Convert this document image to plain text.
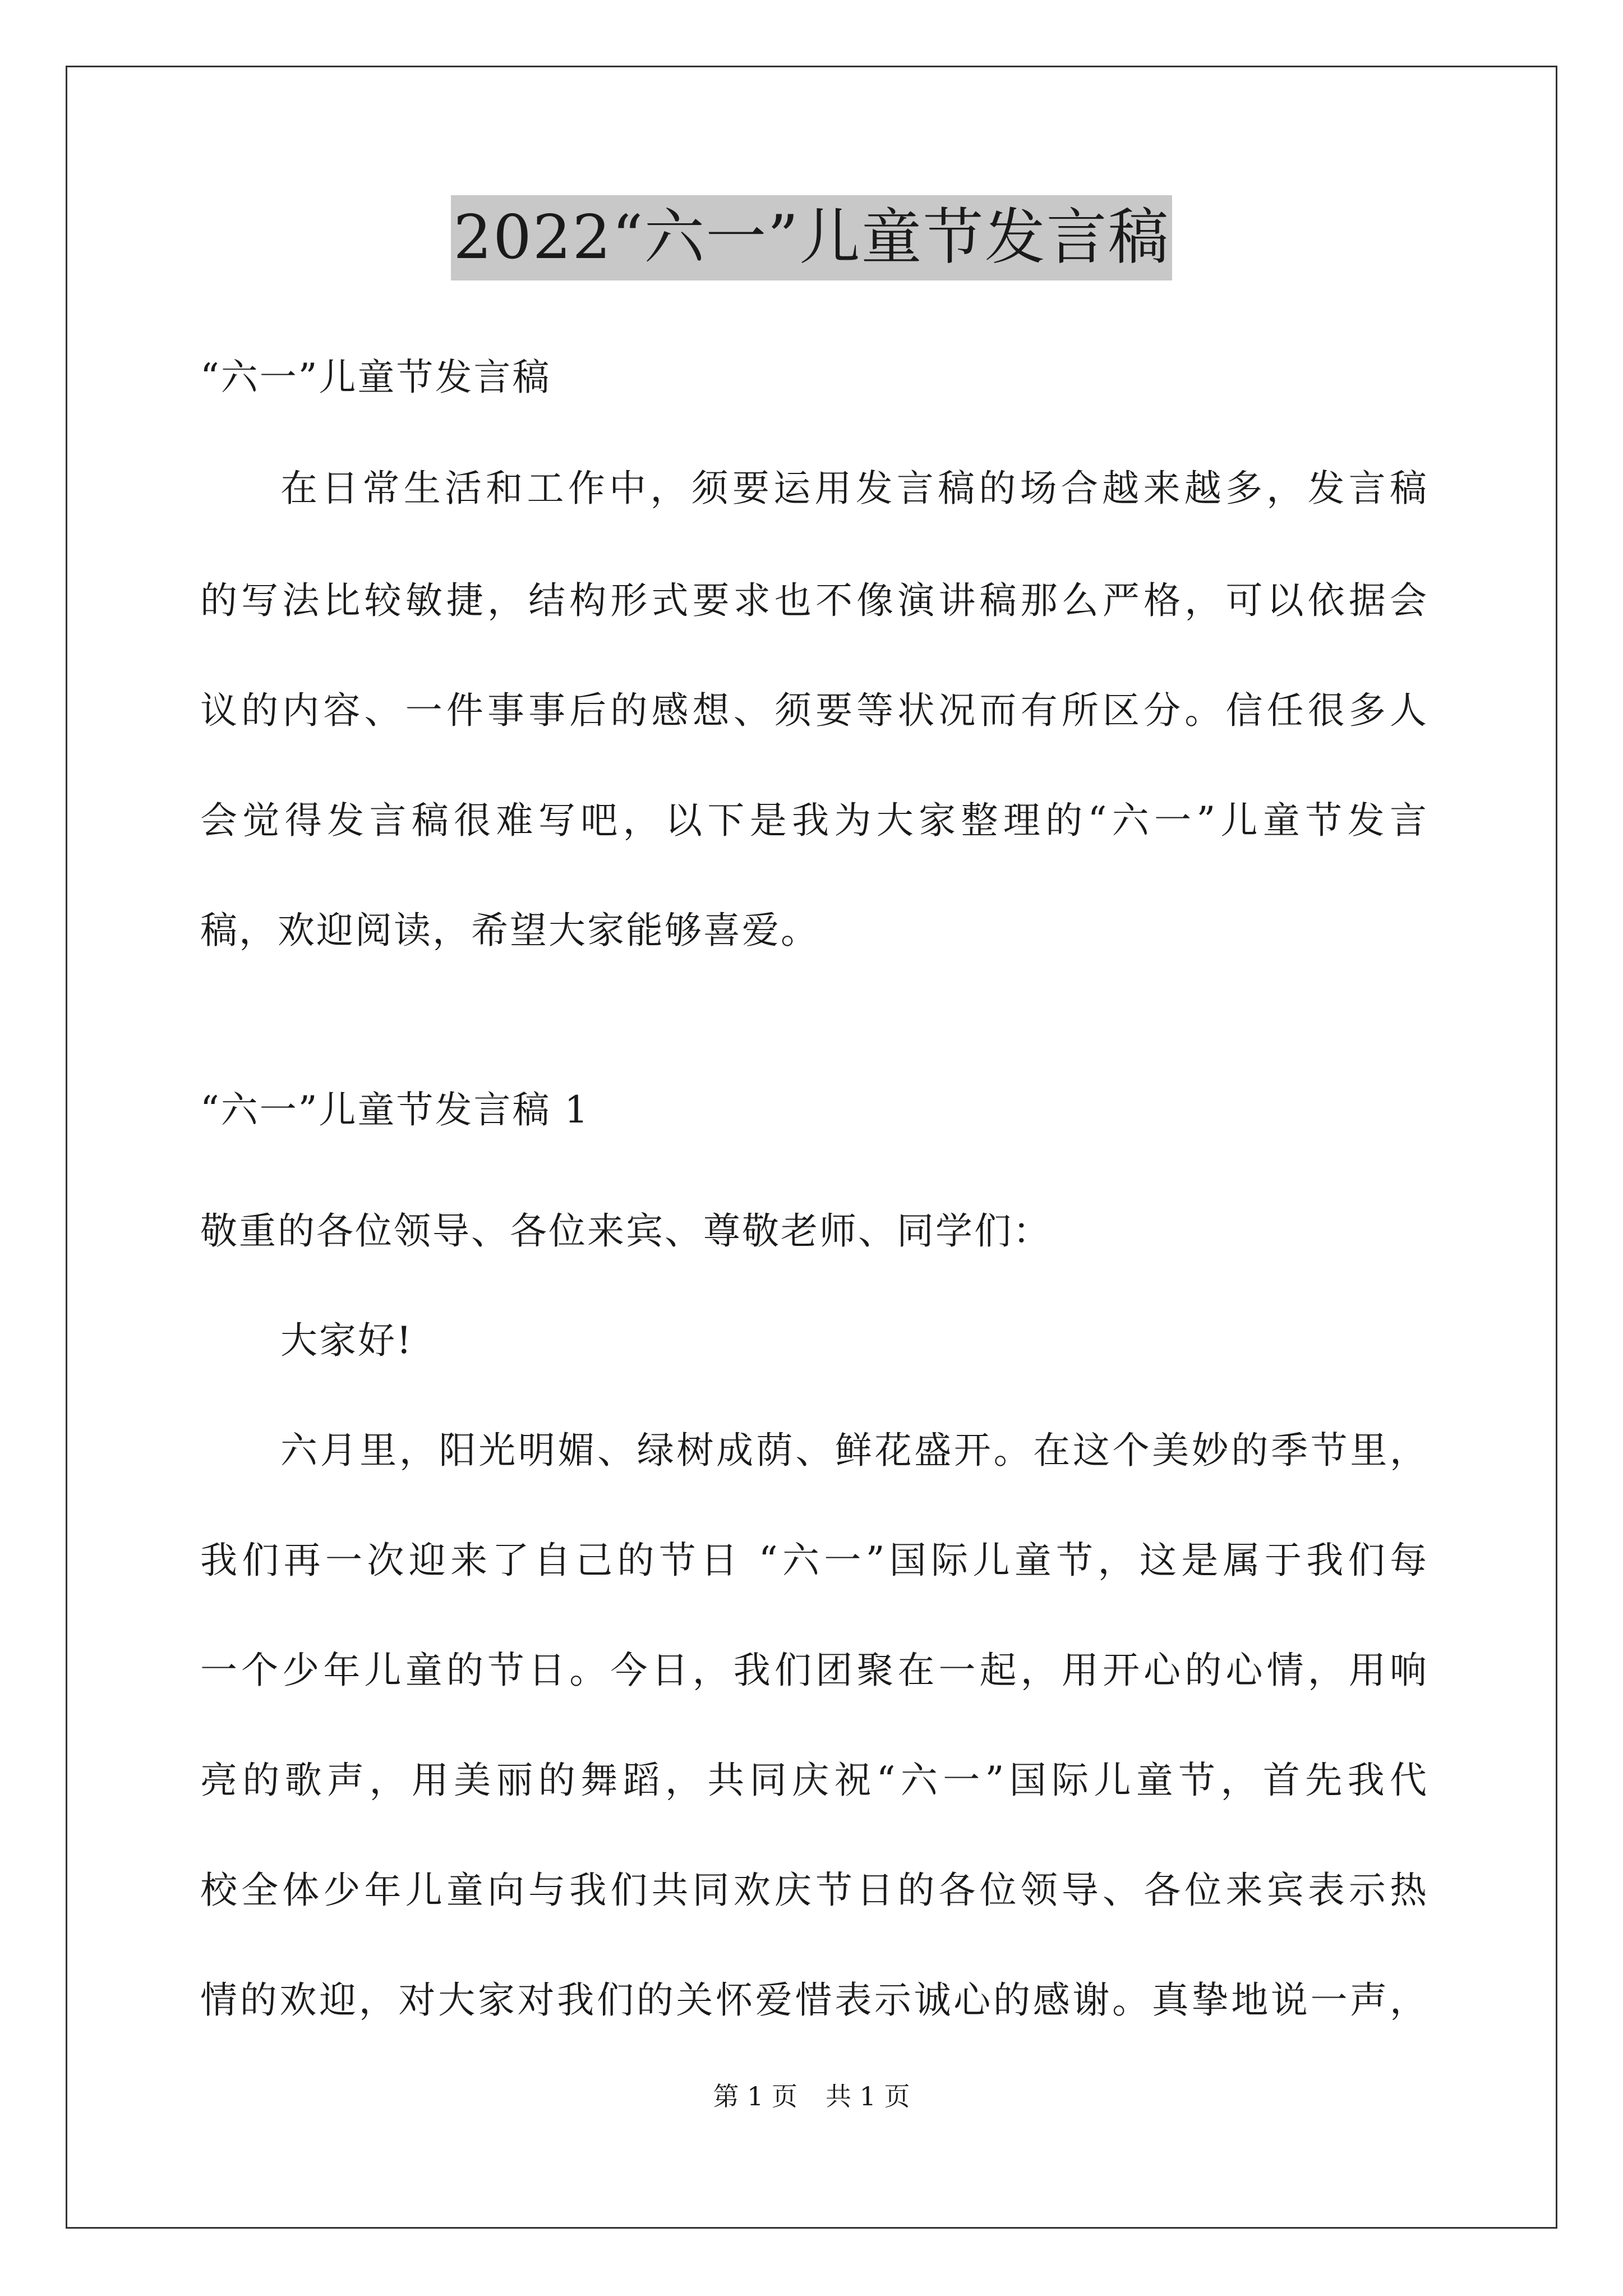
2022“六一”儿童节发言稿
“六一”儿童节发言稿
在日常生活和工作中，须要运用发言稿的场合越来越多，发言稿
的写法比较敏捷，结构形式要求也不像演讲稿那么严格，可以依据会
议的内容、一件事事后的感想、须要等状况而有所区分。信任很多人
会觉得发言稿很难写吧，以下是我为大家整理的“六一”儿童节发言
稿，欢迎阅读，希望大家能够喜爱。
“六一”儿童节发言稿 1
敬重的各位领导、各位来宾、尊敬老师、同学们：
大家好!
六月里，阳光明媚、绿树成荫、鲜花盛开。在这个美妙的季节里，
我们再一次迎来了自己的节日 “六一”国际儿童节，这是属于我们每
一个少年儿童的节日。今日，我们团聚在一起，用开心的心情，用响
亮的歌声，用美丽的舞蹈，共同庆祝“六一”国际儿童节，首先我代
校全体少年儿童向与我们共同欢庆节日的各位领导、各位来宾表示热
情的欢迎，对大家对我们的关怀爱惜表示诚心的感谢。真挚地说一声，
第 1 页 共 1 页
